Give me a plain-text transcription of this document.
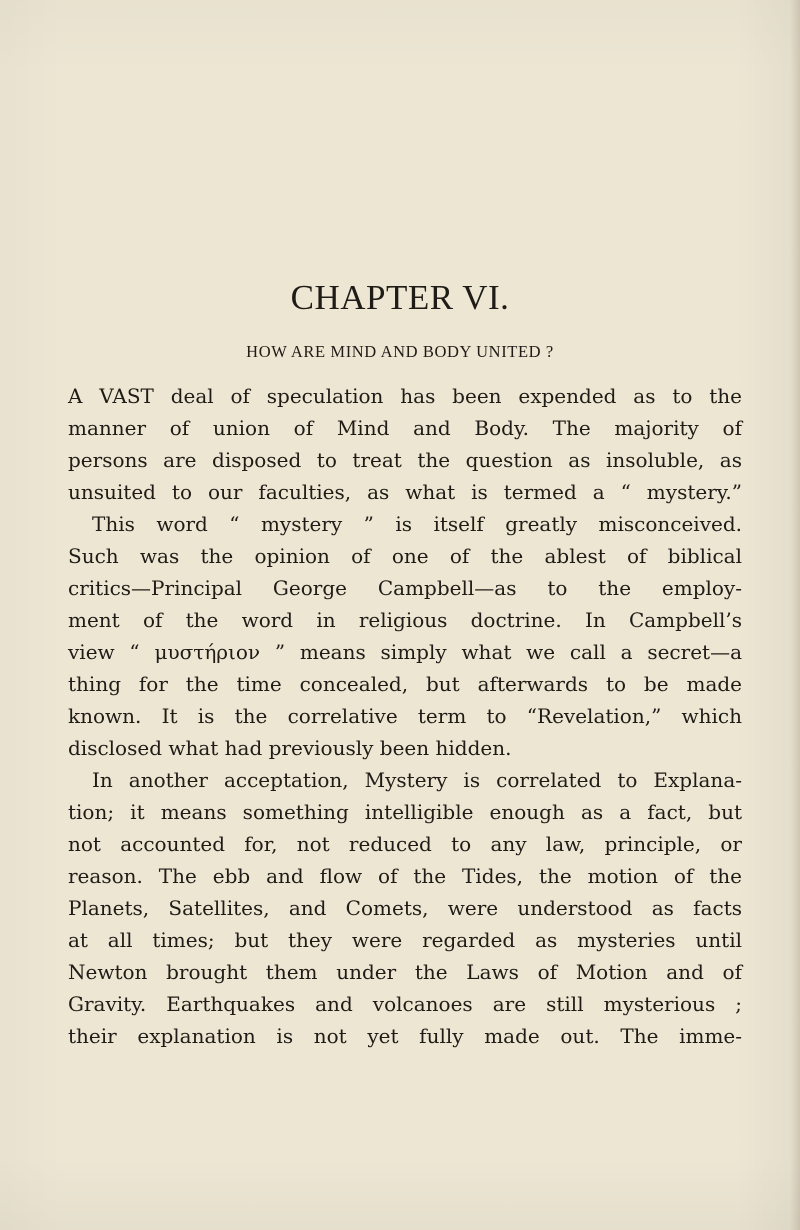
CHAPTER VI.
HOW ARE MIND AND BODY UNITED ?
A VAST deal of speculation has been expended as to the
manner of union of Mind and Body. The majority of
persons are disposed to treat the question as insoluble, as
unsuited to our faculties, as what is termed a “ mystery.”
This word “ mystery ” is itself greatly misconceived.
Such was the opinion of one of the ablest of biblical
critics—Principal George Campbell—as to the employ-
ment of the word in religious doctrine. In Campbell’s
view “ μυστήριον ” means simply what we call a secret—a
thing for the time concealed, but afterwards to be made
known. It is the correlative term to “Revelation,” which
disclosed what had previously been hidden.
In another acceptation, Mystery is correlated to Explana-
tion; it means something intelligible enough as a fact, but
not accounted for, not reduced to any law, principle, or
reason. The ebb and flow of the Tides, the motion of the
Planets, Satellites, and Comets, were understood as facts
at all times; but they were regarded as mysteries until
Newton brought them under the Laws of Motion and of
Gravity. Earthquakes and volcanoes are still mysterious ;
their explanation is not yet fully made out. The imme-
